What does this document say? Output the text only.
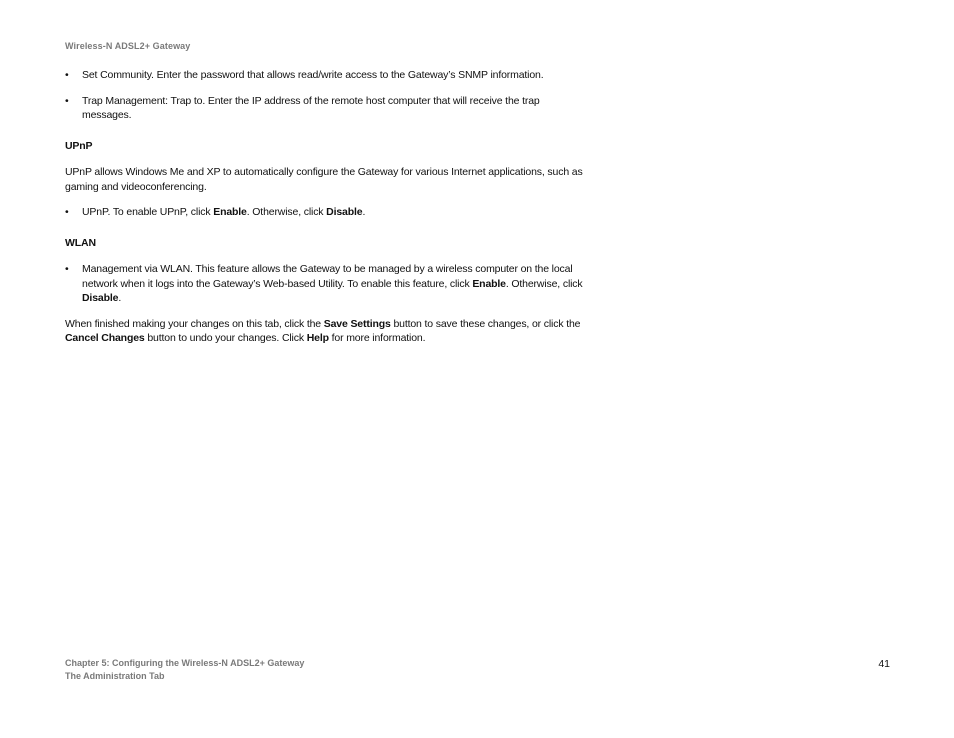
Wireless-N ADSL2+ Gateway
• Set Community. Enter the password that allows read/write access to the Gateway’s SNMP information.
• Trap Management: Trap to. Enter the IP address of the remote host computer that will receive the trap messages.
UPnP
UPnP allows Windows Me and XP to automatically configure the Gateway for various Internet applications, such as gaming and videoconferencing.
• UPnP. To enable UPnP, click Enable. Otherwise, click Disable.
WLAN
• Management via WLAN. This feature allows the Gateway to be managed by a wireless computer on the local network when it logs into the Gateway’s Web-based Utility. To enable this feature, click Enable. Otherwise, click Disable.
When finished making your changes on this tab, click the Save Settings button to save these changes, or click the Cancel Changes button to undo your changes. Click Help for more information.
Chapter 5: Configuring the Wireless-N ADSL2+ Gateway
The Administration Tab
41
